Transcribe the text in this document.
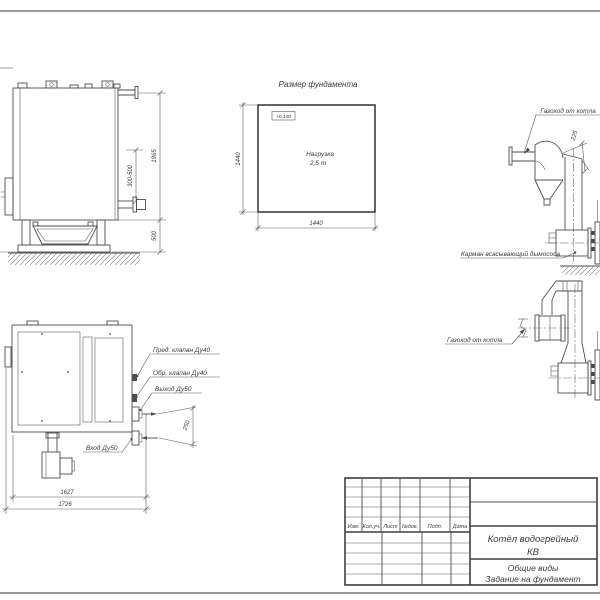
300-500
1965
500
Размер фундамента
+0,100
Нагрузка
2,5 т
1440
1440
Газоход от котла
225
Карман всасывающий дымососа
Газоход от котла
Пред. клапан Ду40
Обр. клапан Ду40
Выход Ду50
Вход Ду50
250
1627
1726
Изм. Кол.уч. Лист №док. Подп. Дата
Котёл водогрейный
КВ
Общие виды
Задание на фундамент
